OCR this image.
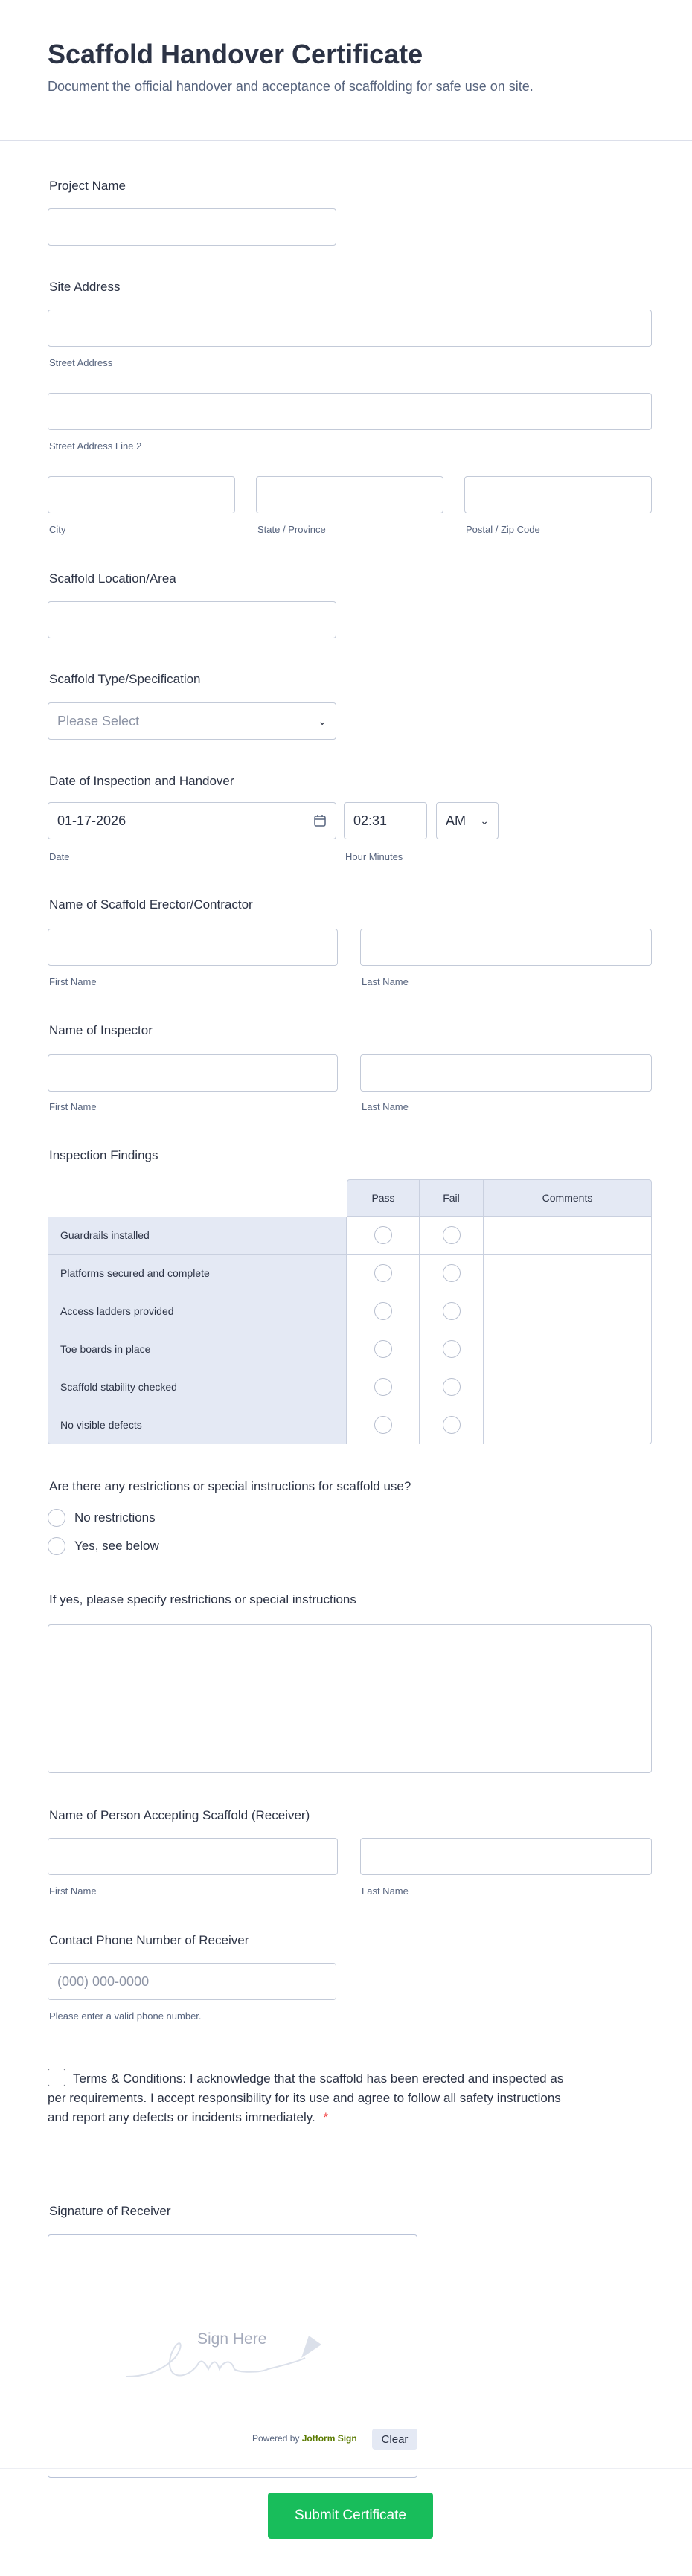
Scaffold Handover Certificate
Document the official handover and acceptance of scaffolding for safe use on site.
Project Name
Site Address
Street Address
Street Address Line 2
City	State / Province	Postal / Zip Code
Scaffold Location/Area
Scaffold Type/Specification
Please Select	⌄
Date of Inspection and Handover
01-17-2026	02:31	AM ⌄
Date	Hour Minutes
Name of Scaffold Erector/Contractor
First Name	Last Name
Name of Inspector
First Name	Last Name
Inspection Findings
	Pass	Fail	Comments
Guardrails installed			
Platforms secured and complete			
Access ladders provided			
Toe boards in place			
Scaffold stability checked			
No visible defects			
Are there any restrictions or special instructions for scaffold use?
No restrictions
Yes, see below
If yes, please specify restrictions or special instructions
Name of Person Accepting Scaffold (Receiver)
First Name	Last Name
Contact Phone Number of Receiver
(000) 000-0000
Please enter a valid phone number.
Terms & Conditions: I acknowledge that the scaffold has been erected and inspected as per requirements. I accept responsibility for its use and agree to follow all safety instructions and report any defects or incidents immediately. *
Signature of Receiver
Sign Here
Powered by Jotform Sign	Clear
Submit Certificate
